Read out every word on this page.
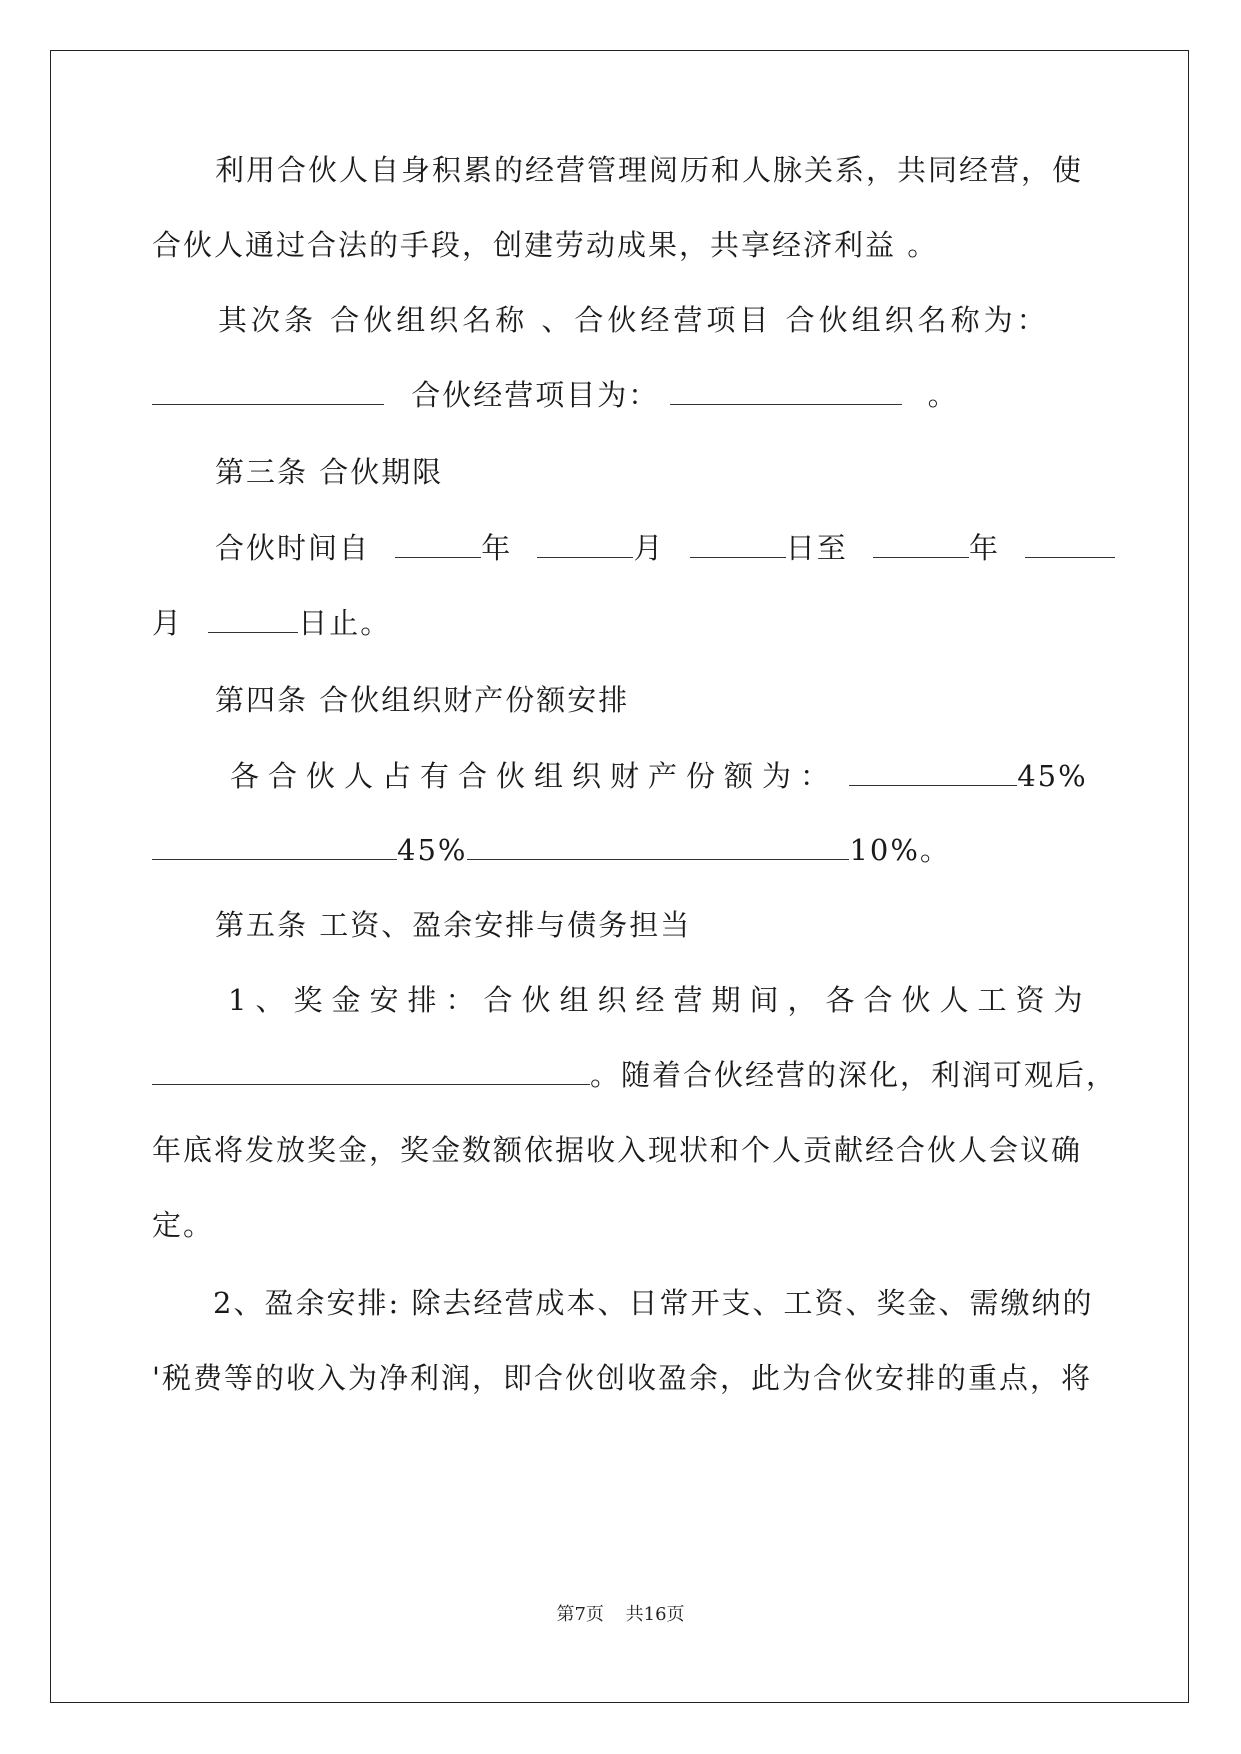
利用合伙人自身积累的经营管理阅历和人脉关系，共同经营，使
合伙人通过合法的手段，创建劳动成果，共享经济利益 。
其次条 合伙组织名称 、合伙经营项目 合伙组织名称为：
合伙经营项目为：	。
第三条 合伙期限
合伙时间自	年	月	日至	年
月	日止。
第四条 合伙组织财产份额安排
各合伙人占有合伙组织财产份额为：	45%
45%	10%。
第五条 工资、盈余安排与债务担当
1、奖金安排：合伙组织经营期间，各合伙人工资为
。随着合伙经营的深化，利润可观后，
年底将发放奖金，奖金数额依据收入现状和个人贡献经合伙人会议确
定。
2、盈余安排: 除去经营成本、日常开支、工资、奖金、需缴纳的
'税费等的收入为净利润，即合伙创收盈余，此为合伙安排的重点，将
第7页 共16页
